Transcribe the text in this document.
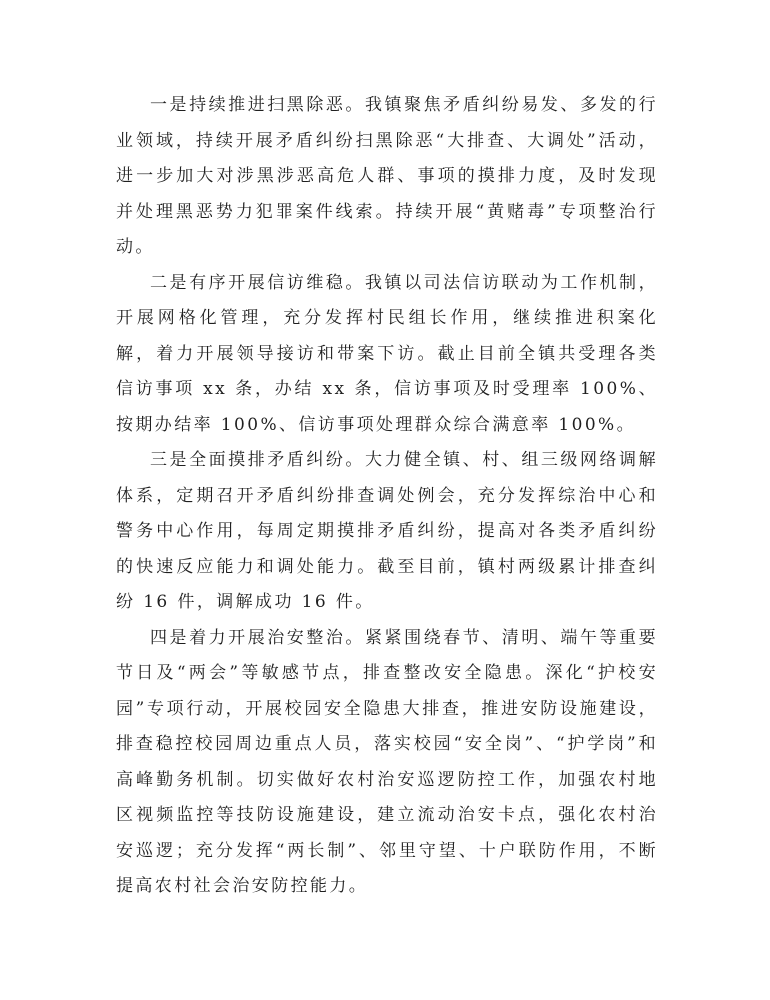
一是持续推进扫黑除恶。我镇聚焦矛盾纠纷易发、多发的行业领域，持续开展矛盾纠纷扫黑除恶“大排查、大调处”活动，进一步加大对涉黑涉恶高危人群、事项的摸排力度，及时发现并处理黑恶势力犯罪案件线索。持续开展“黄赌毒”专项整治行动。

二是有序开展信访维稳。我镇以司法信访联动为工作机制，开展网格化管理，充分发挥村民组长作用，继续推进积案化解，着力开展领导接访和带案下访。截止目前全镇共受理各类信访事项 xx 条，办结 xx 条，信访事项及时受理率 100%、按期办结率 100%、信访事项处理群众综合满意率 100%。

三是全面摸排矛盾纠纷。大力健全镇、村、组三级网络调解体系，定期召开矛盾纠纷排查调处例会，充分发挥综治中心和警务中心作用，每周定期摸排矛盾纠纷，提高对各类矛盾纠纷的快速反应能力和调处能力。截至目前，镇村两级累计排查纠纷 16 件，调解成功 16 件。

四是着力开展治安整治。紧紧围绕春节、清明、端午等重要节日及“两会”等敏感节点，排查整改安全隐患。深化“护校安园”专项行动，开展校园安全隐患大排查，推进安防设施建设，排查稳控校园周边重点人员，落实校园“安全岗”、“护学岗”和高峰勤务机制。切实做好农村治安巡逻防控工作，加强农村地区视频监控等技防设施建设，建立流动治安卡点，强化农村治安巡逻；充分发挥“两长制”、邻里守望、十户联防作用，不断提高农村社会治安防控能力。
